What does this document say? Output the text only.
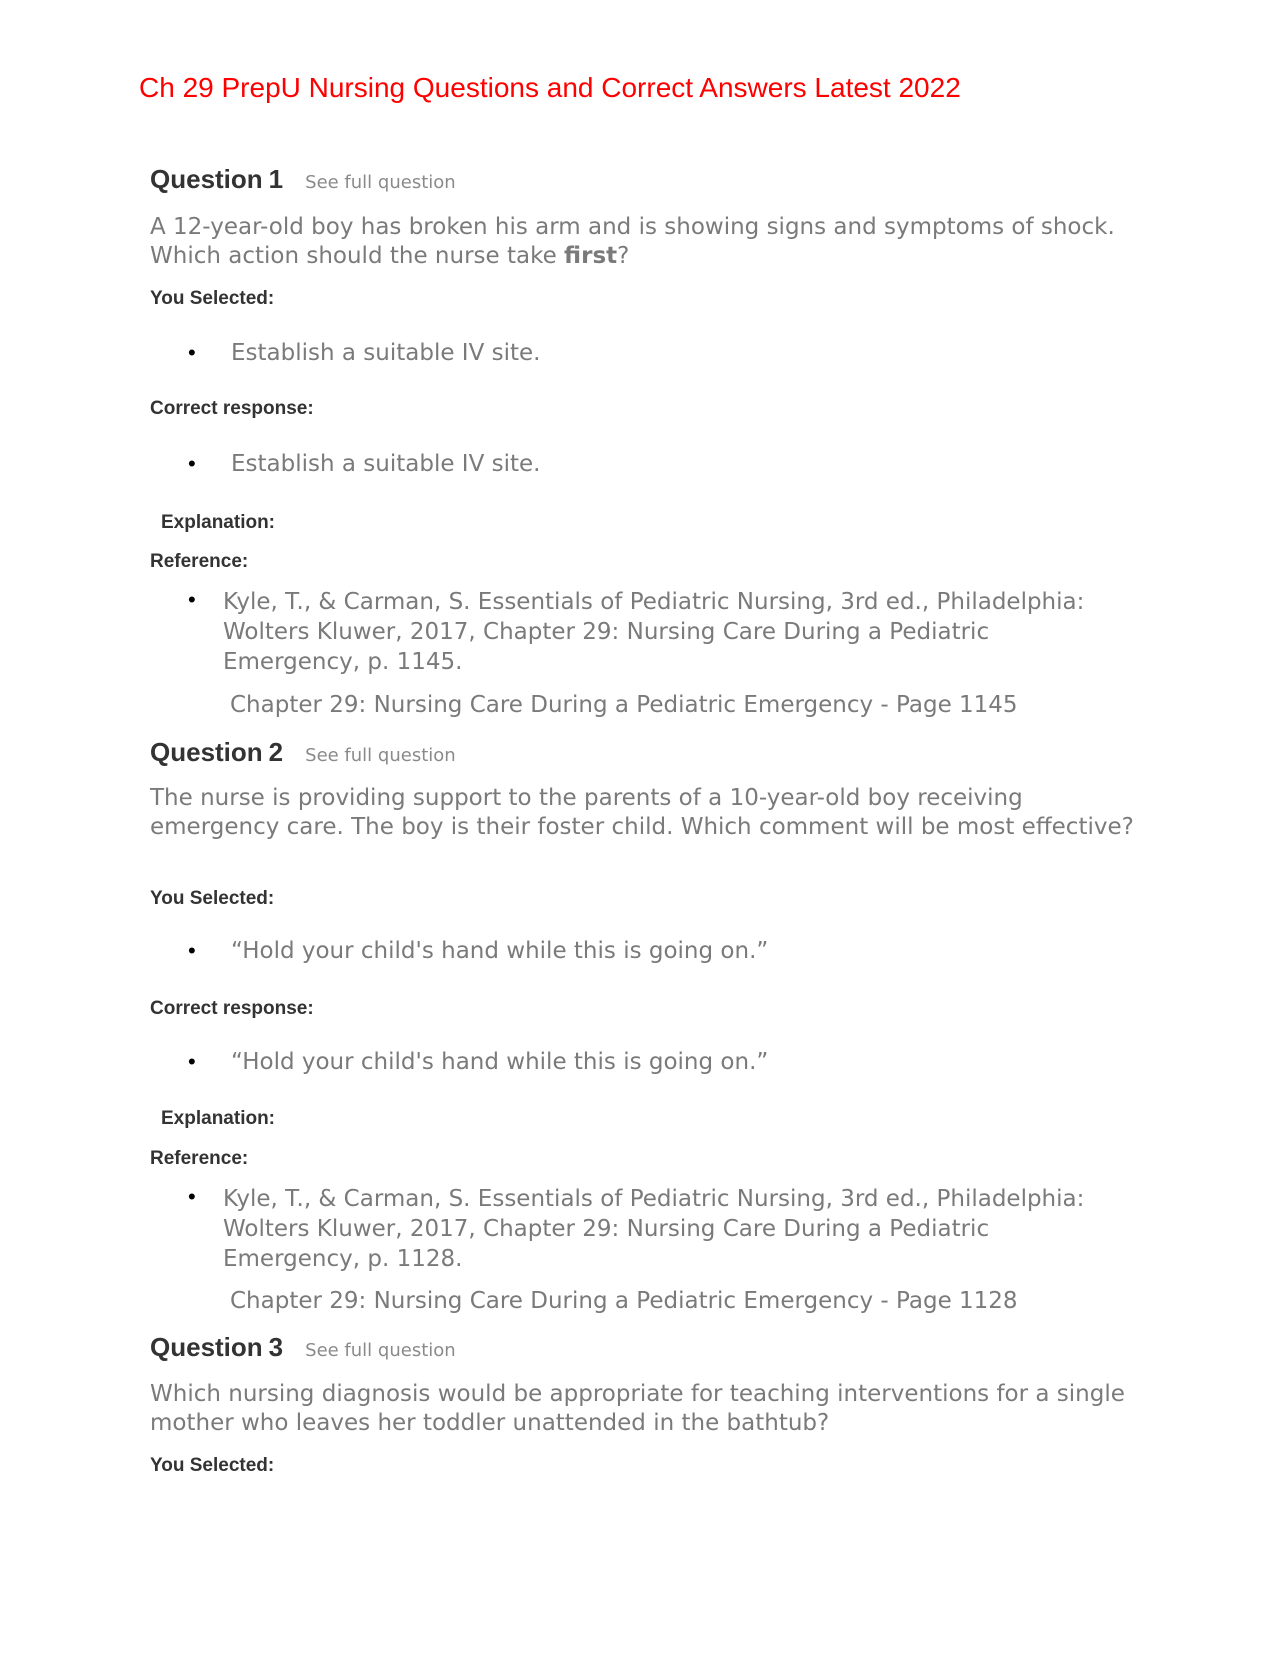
Ch 29 PrepU Nursing Questions and Correct Answers Latest 2022
Question 1 See full question
A 12-year-old boy has broken his arm and is showing signs and symptoms of shock. Which action should the nurse take first?
You Selected:
• Establish a suitable IV site.
Correct response:
• Establish a suitable IV site.
Explanation:
Reference:
• Kyle, T., & Carman, S. Essentials of Pediatric Nursing, 3rd ed., Philadelphia: Wolters Kluwer, 2017, Chapter 29: Nursing Care During a Pediatric Emergency, p. 1145.
Chapter 29: Nursing Care During a Pediatric Emergency - Page 1145
Question 2 See full question
The nurse is providing support to the parents of a 10-year-old boy receiving emergency care. The boy is their foster child. Which comment will be most effective?
You Selected:
• “Hold your child's hand while this is going on.”
Correct response:
• “Hold your child's hand while this is going on.”
Explanation:
Reference:
• Kyle, T., & Carman, S. Essentials of Pediatric Nursing, 3rd ed., Philadelphia: Wolters Kluwer, 2017, Chapter 29: Nursing Care During a Pediatric Emergency, p. 1128.
Chapter 29: Nursing Care During a Pediatric Emergency - Page 1128
Question 3 See full question
Which nursing diagnosis would be appropriate for teaching interventions for a single mother who leaves her toddler unattended in the bathtub?
You Selected:
